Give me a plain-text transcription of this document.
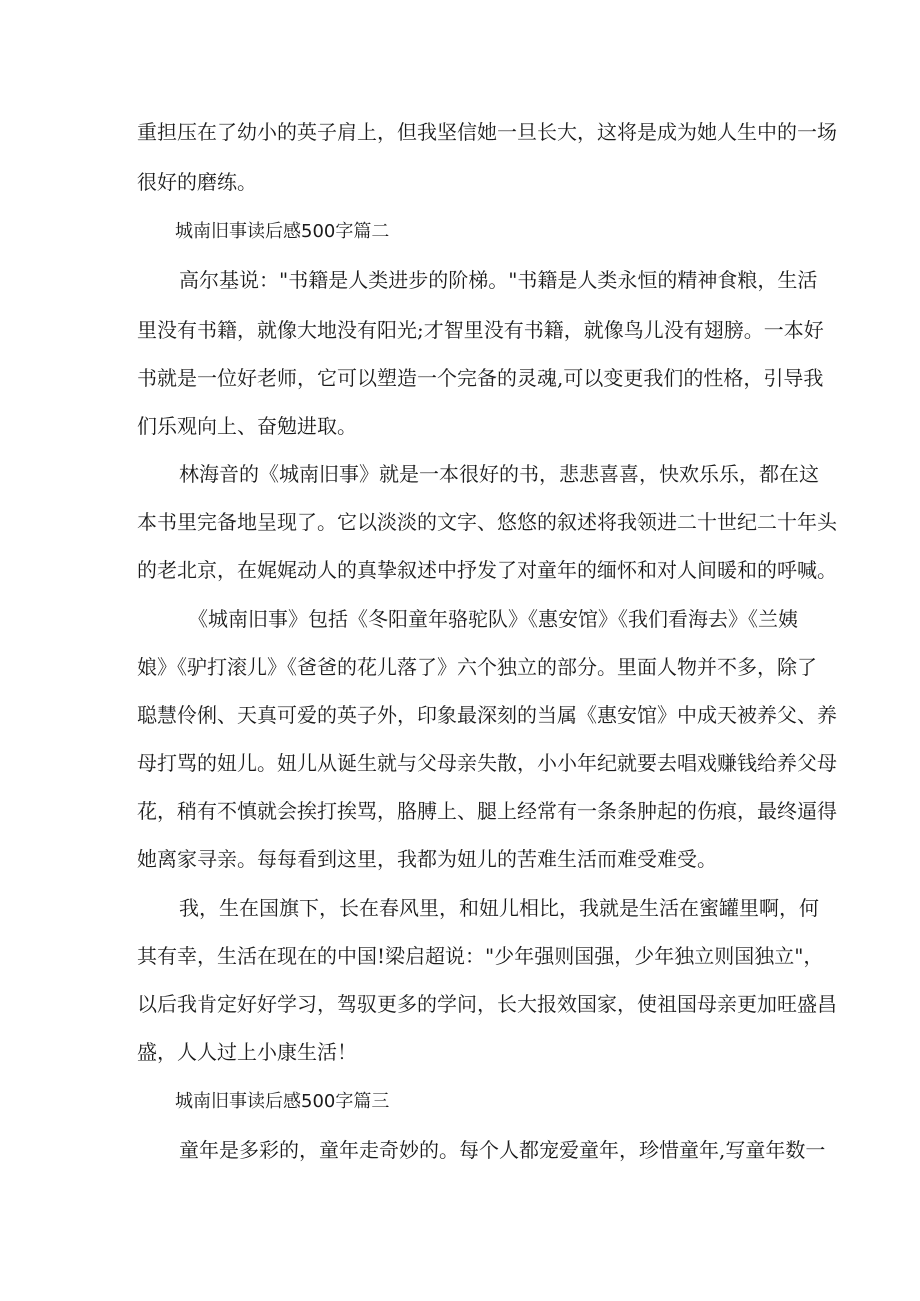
重担压在了幼小的英子肩上，但我坚信她一旦长大，这将是成为她人生中的一场

很好的磨练。

城南旧事读后感500字篇二

高尔基说："书籍是人类进步的阶梯。"书籍是人类永恒的精神食粮，生活

里没有书籍，就像大地没有阳光;才智里没有书籍，就像鸟儿没有翅膀。一本好

书就是一位好老师，它可以塑造一个完备的灵魂,可以变更我们的性格，引导我

们乐观向上、奋勉进取。

林海音的《城南旧事》就是一本很好的书，悲悲喜喜，快欢乐乐，都在这

本书里完备地呈现了。它以淡淡的文字、悠悠的叙述将我领进二十世纪二十年头

的老北京，在娓娓动人的真挚叙述中抒发了对童年的缅怀和对人间暖和的呼喊。

《城南旧事》包括《冬阳童年骆驼队》《惠安馆》《我们看海去》《兰姨

娘》《驴打滚儿》《爸爸的花儿落了》六个独立的部分。里面人物并不多，除了

聪慧伶俐、天真可爱的英子外，印象最深刻的当属《惠安馆》中成天被养父、养

母打骂的妞儿。妞儿从诞生就与父母亲失散，小小年纪就要去唱戏赚钱给养父母

花，稍有不慎就会挨打挨骂，胳膊上、腿上经常有一条条肿起的伤痕，最终逼得

她离家寻亲。每每看到这里，我都为妞儿的苦难生活而难受难受。

我，生在国旗下，长在春风里，和妞儿相比，我就是生活在蜜罐里啊，何

其有幸，生活在现在的中国!梁启超说："少年强则国强，少年独立则国独立"，

以后我肯定好好学习，驾驭更多的学问，长大报效国家，使祖国母亲更加旺盛昌

盛，人人过上小康生活！

城南旧事读后感500字篇三

童年是多彩的，童年走奇妙的。每个人都宠爱童年，珍惜童年,写童年数一
